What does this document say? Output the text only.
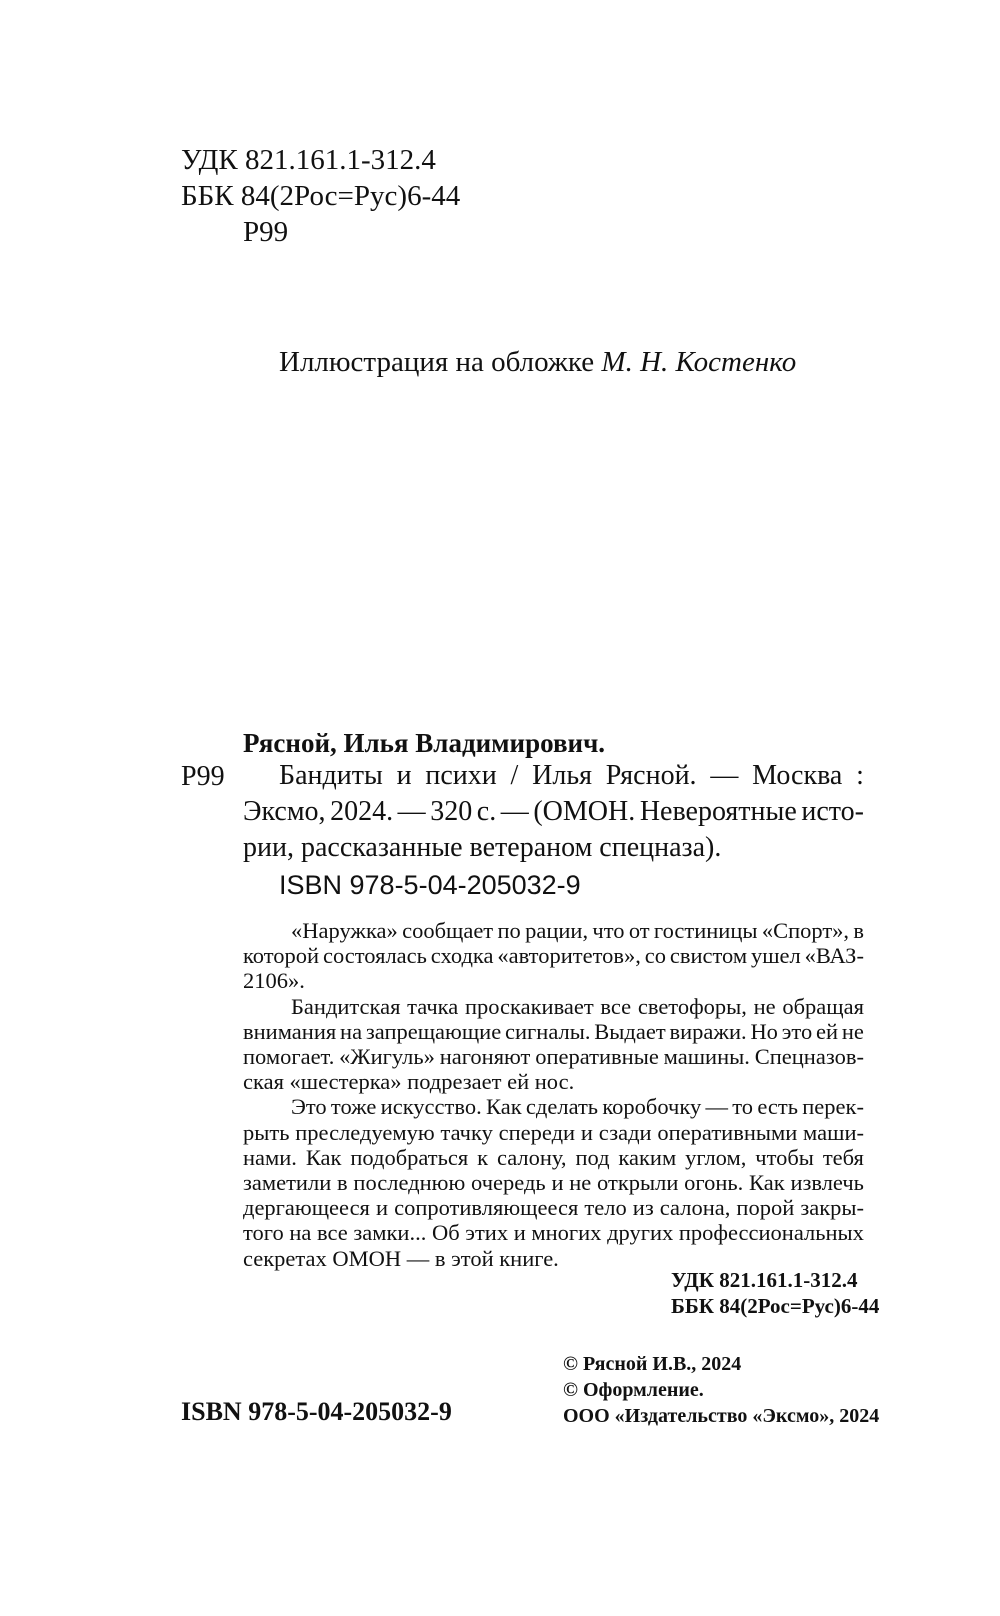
УДК 821.161.1-312.4
ББК 84(2Рос=Рус)6-44
Р99
Иллюстрация на обложке М. Н. Костенко
Рясной, Илья Владимирович.
Р99 Бандиты и психи / Илья Рясной. — Москва :
Эксмо, 2024. — 320 с. — (ОМОН. Невероятные исто-
рии, рассказанные ветераном спецназа).
ISBN 978-5-04-205032-9
«Наружка» сообщает по рации, что от гостиницы «Спорт», в
которой состоялась сходка «авторитетов», со свистом ушел «ВАЗ-
2106».
Бандитская тачка проскакивает все светофоры, не обращая
внимания на запрещающие сигналы. Выдает виражи. Но это ей не
помогает. «Жигуль» нагоняют оперативные машины. Спецназов-
ская «шестерка» подрезает ей нос.
Это тоже искусство. Как сделать коробочку — то есть перек-
рыть преследуемую тачку спереди и сзади оперативными маши-
нами. Как подобраться к салону, под каким углом, чтобы тебя
заметили в последнюю очередь и не открыли огонь. Как извлечь
дергающееся и сопротивляющееся тело из салона, порой закры-
того на все замки... Об этих и многих других профессиональных
секретах ОМОН — в этой книге.
УДК 821.161.1-312.4
ББК 84(2Рос=Рус)6-44
© Рясной И.В., 2024
© Оформление.
ООО «Издательство «Эксмо», 2024
ISBN 978-5-04-205032-9
